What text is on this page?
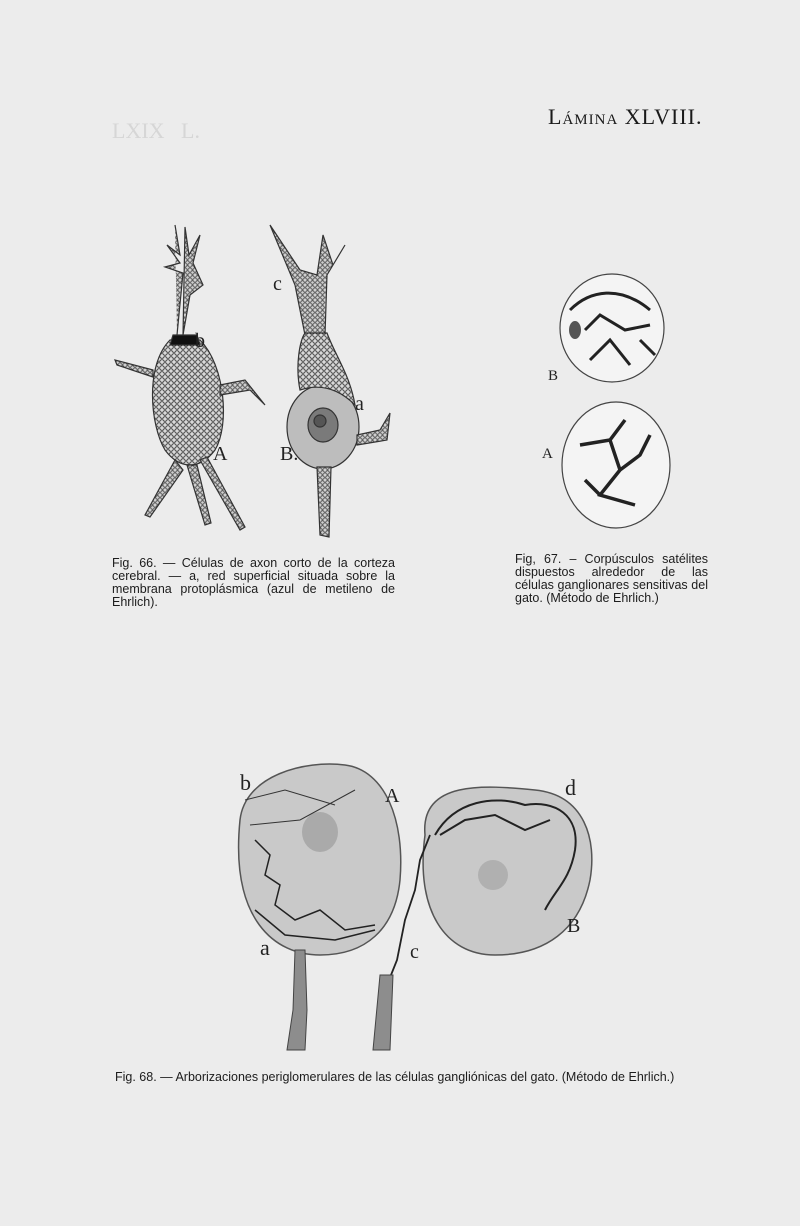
LXIX   L.
Lámina XLVIII.
b
A
c
a
B.
Fig. 66. — Células de axon corto de la corteza cerebral. — a, red superficial situada sobre la membrana protoplásmica (azul de metileno de Ehrlich).
B
A
Fig, 67. – Corpúsculos satélites dispuestos alrededor de las células ganglionares sensitivas del gato. (Método de Ehrlich.)
b
A	d
a	c
B
Fig. 68. — Arborizaciones periglomerulares de las células gangliónicas del gato. (Método de Ehrlich.)
